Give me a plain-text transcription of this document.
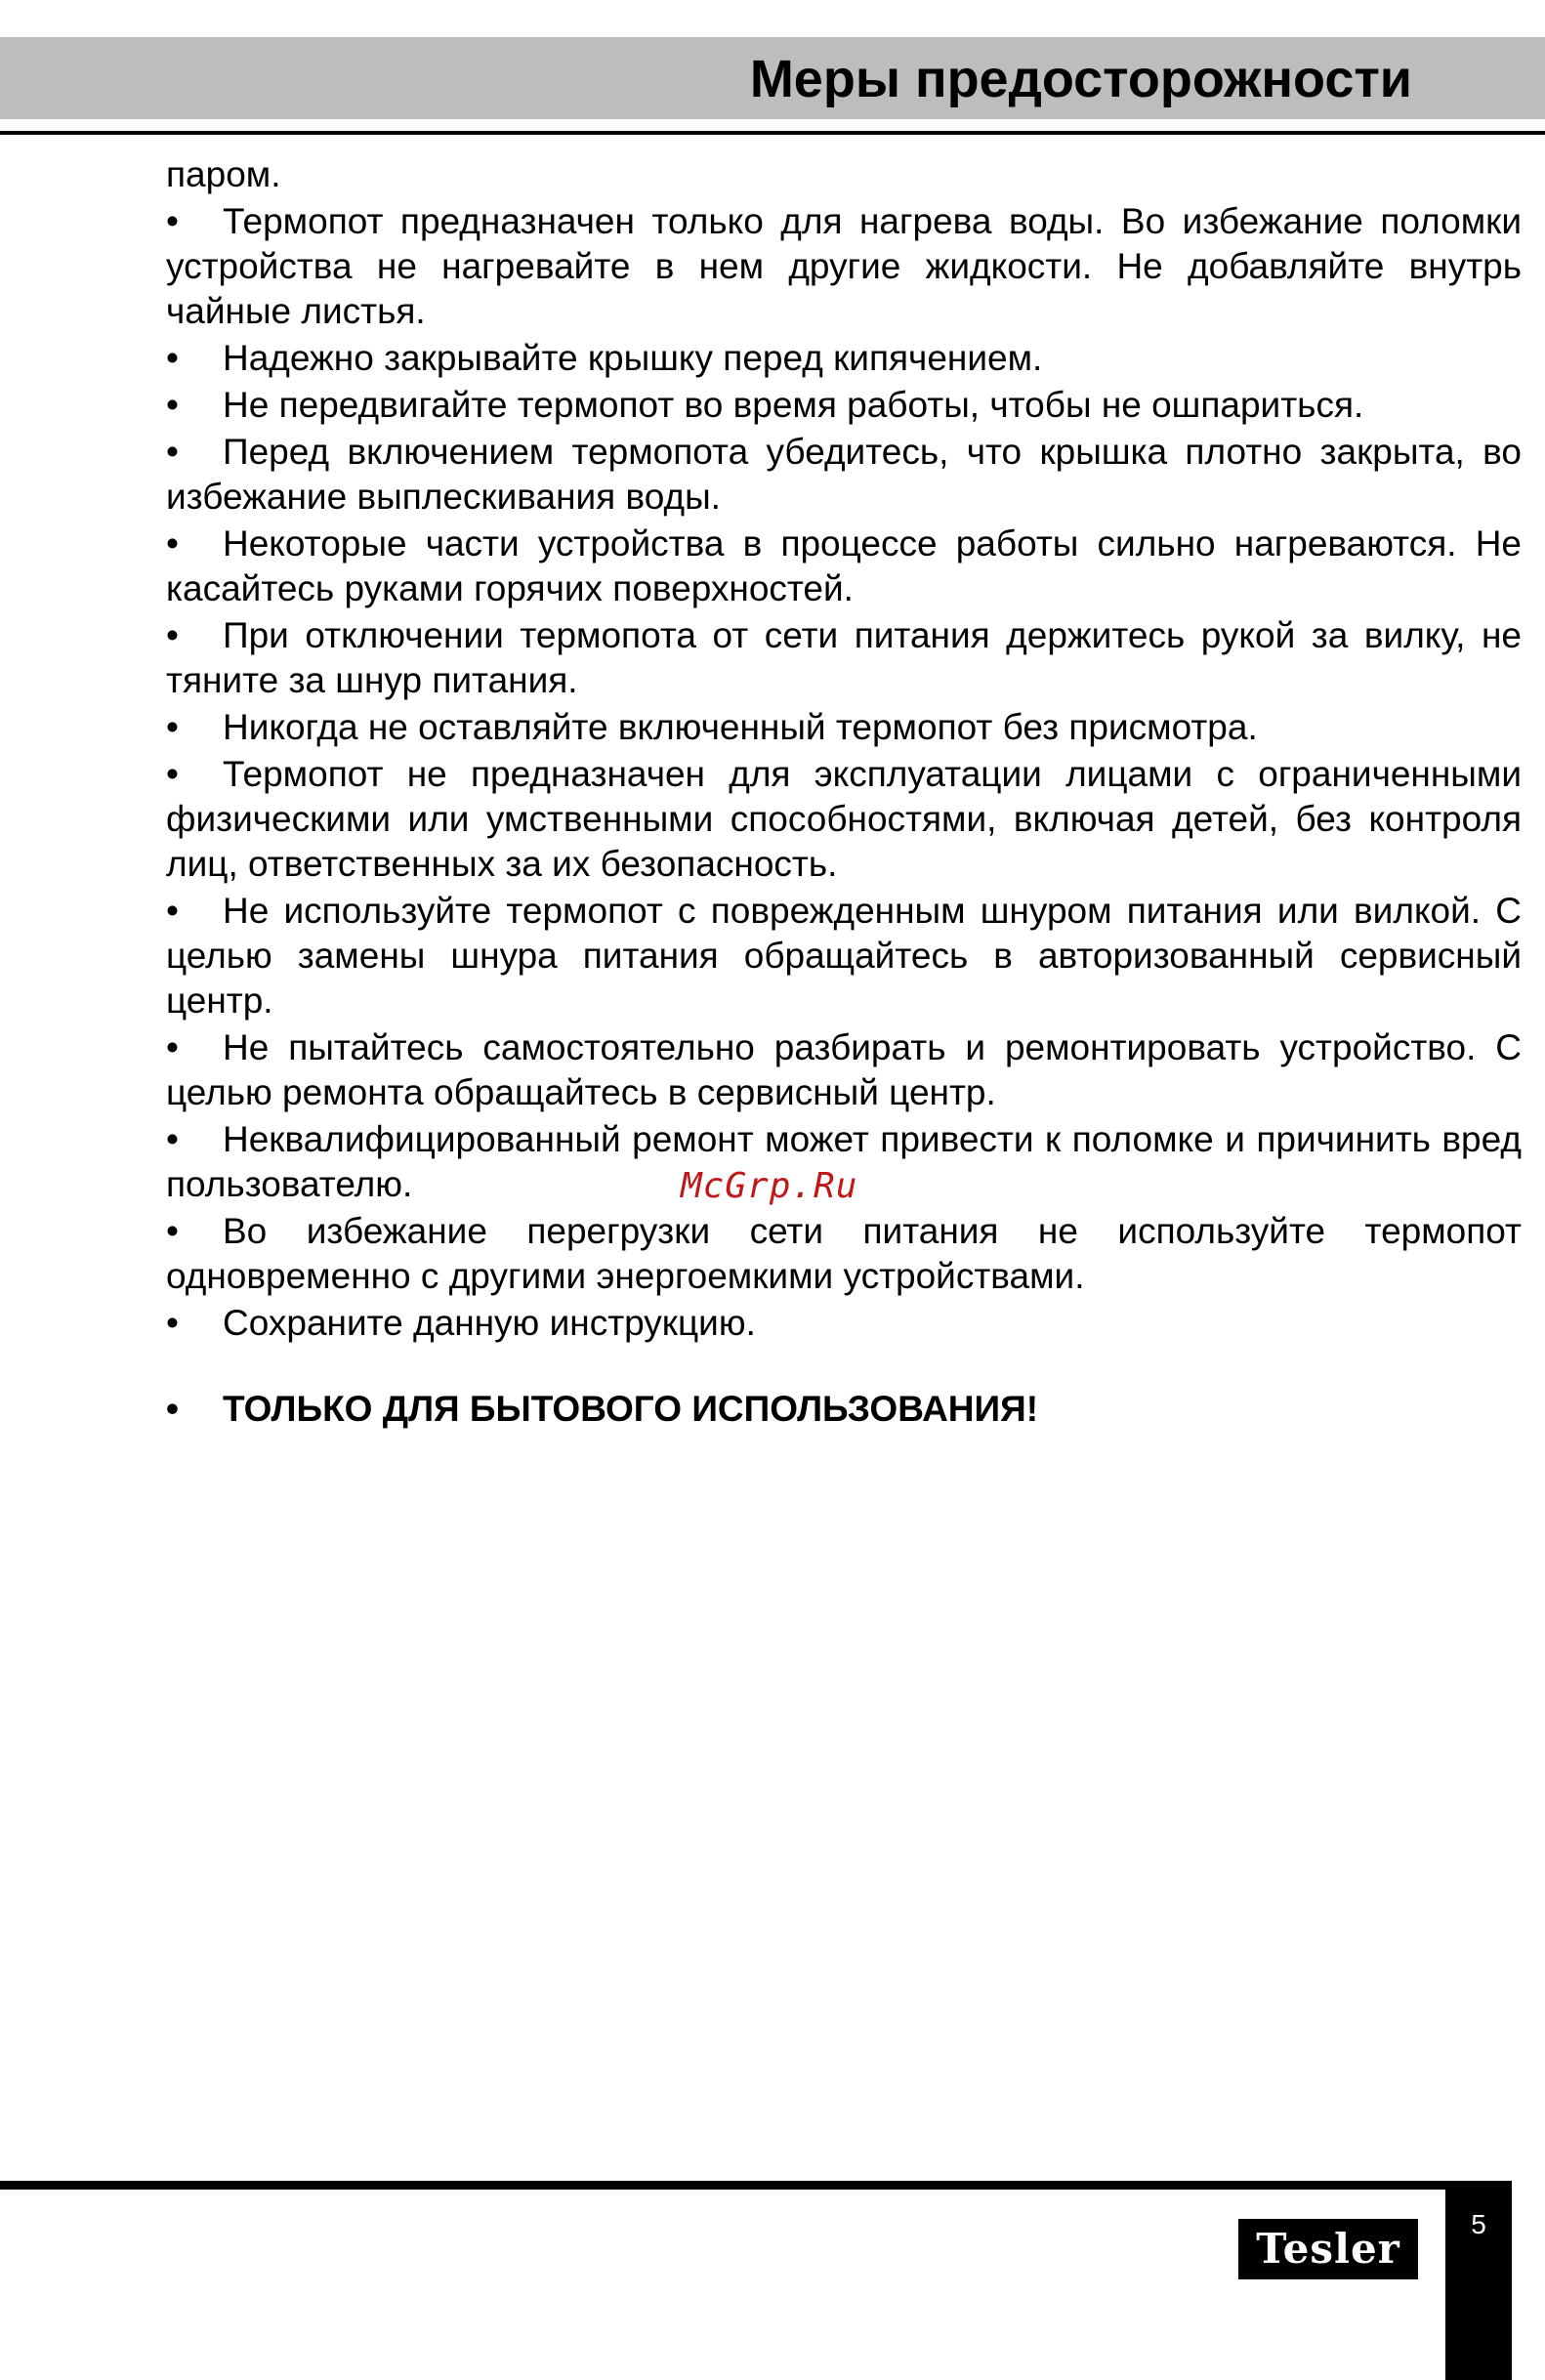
Меры предосторожности
паром.
• Термопот предназначен только для нагрева воды. Во избежание поломки устройства не нагревайте в нем другие жидкости. Не добавляйте внутрь чайные листья.
• Надежно закрывайте крышку перед кипячением.
• Не передвигайте термопот во время работы, чтобы не ошпариться.
• Перед включением термопота убедитесь, что крышка плотно закрыта, во избежание выплескивания воды.
• Некоторые части устройства в процессе работы сильно нагреваются. Не касайтесь руками горячих поверхностей.
• При отключении термопота от сети питания держитесь рукой за вилку, не тяните за шнур питания.
• Никогда не оставляйте включенный термопот без присмотра.
• Термопот не предназначен для эксплуатации лицами с ограниченными физическими или умственными способностями, включая детей, без контроля лиц, ответственных за их безопасность.
• Не используйте термопот с поврежденным шнуром питания или вилкой. С целью замены шнура питания обращайтесь в авторизованный сервисный центр.
• Не пытайтесь самостоятельно разбирать и ремонтировать устройство. С целью ремонта обращайтесь в сервисный центр.
• Неквалифицированный ремонт может привести к поломке и причинить вред пользователю.
• Во избежание перегрузки сети питания не используйте термопот одновременно с другими энергоемкими устройствами.
• Сохраните данную инструкцию.
• ТОЛЬКО ДЛЯ БЫТОВОГО ИСПОЛЬЗОВАНИЯ!
McGrp.Ru
5
Tesler
